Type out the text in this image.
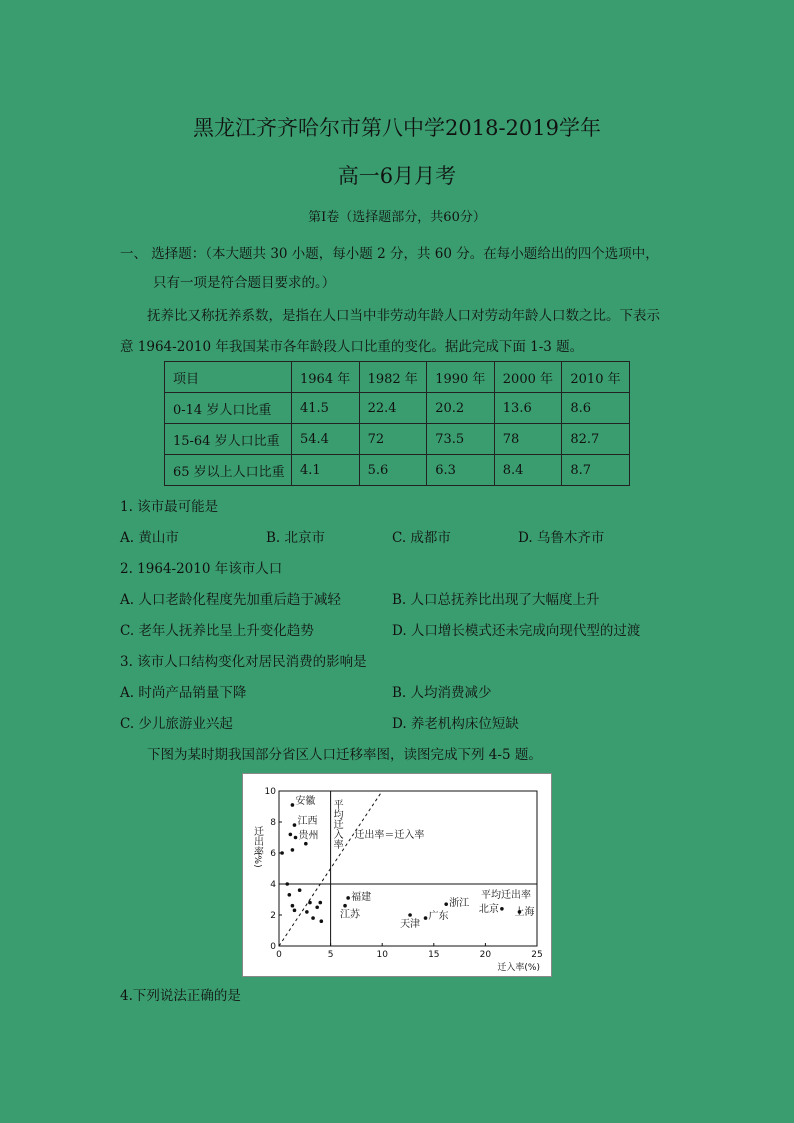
黑龙江齐齐哈尔市第八中学2018-2019学年
高一6月月考
第Ⅰ卷（选择题部分，共60分）
一、 选择题：（本大题共 30 小题，每小题 2 分，共 60 分。在每小题给出的四个选项中，
只有一项是符合题目要求的。）
抚养比又称抚养系数，是指在人口当中非劳动年龄人口对劳动年龄人口数之比。下表示
意 1964-2010 年我国某市各年龄段人口比重的变化。据此完成下面 1-3 题。
项目	1964 年	1982 年	1990 年	2000 年	2010 年
0-14 岁人口比重	41.5	22.4	20.2	13.6	8.6
15-64 岁人口比重	54.4	72	73.5	78	82.7
65 岁以上人口比重	4.1	5.6	6.3	8.4	8.7
1. 该市最可能是
A. 黄山市	B. 北京市	C. 成都市	D. 乌鲁木齐市
2. 1964-2010 年该市人口
A. 人口老龄化程度先加重后趋于减轻	B. 人口总抚养比出现了大幅度上升
C. 老年人抚养比呈上升变化趋势	D. 人口增长模式还未完成向现代型的过渡
3. 该市人口结构变化对居民消费的影响是
A. 时尚产品销量下降	B. 人均消费减少
C. 少儿旅游业兴起	D. 养老机构床位短缺
下图为某时期我国部分省区人口迁移率图，读图完成下列 4-5 题。
0	5	10	15	20	25
0
2
4
6
8
10
安徽
江西
贵州
福建
江苏
天津
广东
浙江
北京 上海
迁出率
(%)
迁入率(%)
平均迁入率
平均迁出率
迁出率＝迁入率
4.下列说法正确的是
